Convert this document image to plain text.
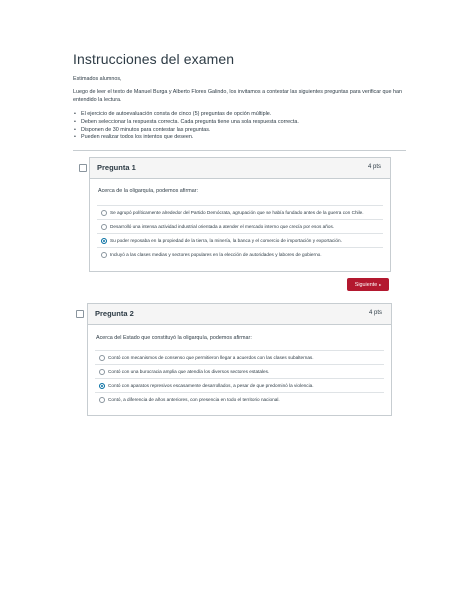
Instrucciones del examen

Estimados alumnos,

Luego de leer el texto de Manuel Burga y Alberto Flores Galindo, los invitamos a contestar las siguientes preguntas para verificar que han entendido la lectura.

• El ejercicio de autoevaluación consta de cinco (5) preguntas de opción múltiple.
• Deben seleccionar la respuesta correcta. Cada pregunta tiene una sola respuesta correcta.
• Disponen de 30 minutos para contestar las preguntas.
• Pueden realizar todos los intentos que deseen.
Pregunta 1	4 pts

Acerca de la oligarquía, podemos afirmar:

Se agrupó políticamente alrededor del Partido Demócrata, agrupación que se había fundado antes de la guerra con Chile.
Desarrolló una intensa actividad industrial orientada a atender el mercado interno que crecía por esos años.
Su poder reposaba en la propiedad de la tierra, la minería, la banca y el comercio de importación y exportación.
Incluyó a las clases medias y sectores populares en la elección de autoridades y labores de gobierno.
Siguiente ▸
Pregunta 2	4 pts

Acerca del Estado que constituyó la oligarquía, podemos afirmar:

Contó con mecanismos de consenso que permitieron llegar a acuerdos con las clases subalternas.
Contó con una burocracia amplia que atendía los diversos sectores estatales.
Contó con aparatos represivos escasamente desarrollados, a pesar de que predominó la violencia.
Contó, a diferencia de años anteriores, con presencia en todo el territorio nacional.
